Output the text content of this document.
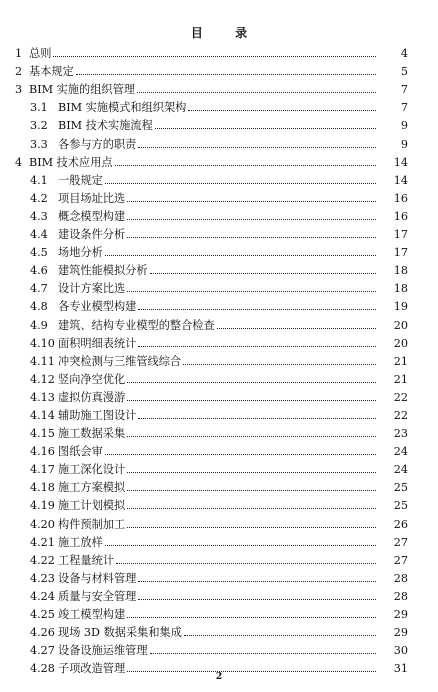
目 录
1 总则	4
2 基本规定	5
3 BIM 实施的组织管理	7
3.1 BIM 实施模式和组织架构	7
3.2 BIM 技术实施流程	9
3.3 各参与方的职责	9
4 BIM 技术应用点	14
4.1 一般规定	14
4.2 项目场址比选	16
4.3 概念模型构建	16
4.4 建设条件分析	17
4.5 场地分析	17
4.6 建筑性能模拟分析	18
4.7 设计方案比选	18
4.8 各专业模型构建	19
4.9 建筑、结构专业模型的整合检查	20
4.10 面积明细表统计	20
4.11 冲突检测与三维管线综合	21
4.12 竖向净空优化	21
4.13 虚拟仿真漫游	22
4.14 辅助施工图设计	22
4.15 施工数据采集	23
4.16 图纸会审	24
4.17 施工深化设计	24
4.18 施工方案模拟	25
4.19 施工计划模拟	25
4.20 构件预制加工	26
4.21 施工放样	27
4.22 工程量统计	27
4.23 设备与材料管理	28
4.24 质量与安全管理	28
4.25 竣工模型构建	29
4.26 现场 3D 数据采集和集成	29
4.27 设备设施运维管理	30
4.28 子项改造管理	31
2
